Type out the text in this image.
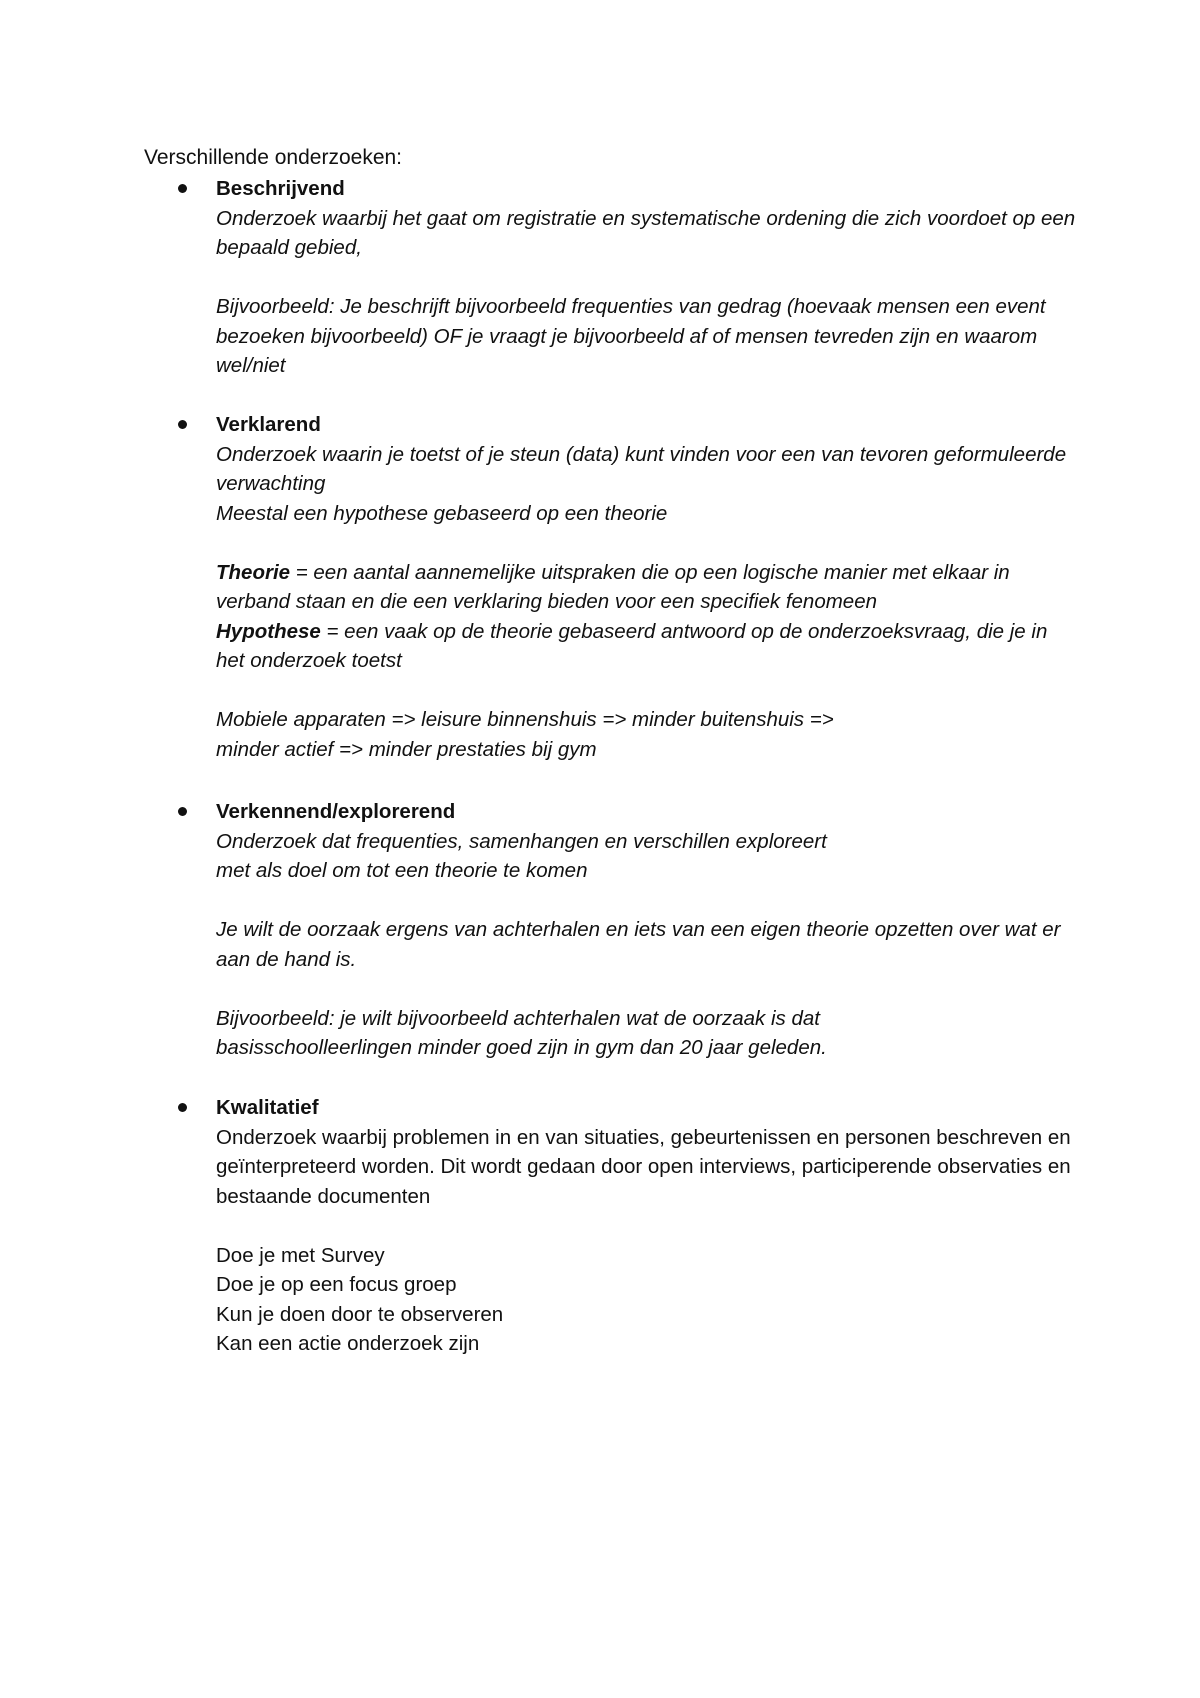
Verschillende onderzoeken:
Beschrijvend
Onderzoek waarbij het gaat om registratie en systematische ordening die zich voordoet op een bepaald gebied,
Bijvoorbeeld: Je beschrijft bijvoorbeeld frequenties van gedrag (hoevaak mensen een event bezoeken bijvoorbeeld) OF je vraagt je bijvoorbeeld af of mensen tevreden zijn en waarom wel/niet
Verklarend
Onderzoek waarin je toetst of je steun (data) kunt vinden voor een van tevoren geformuleerde verwachting
Meestal een hypothese gebaseerd op een theorie
Theorie = een aantal aannemelijke uitspraken die op een logische manier met elkaar in verband staan en die een verklaring bieden voor een specifiek fenomeen
Hypothese = een vaak op de theorie gebaseerd antwoord op de onderzoeksvraag, die je in het onderzoek toetst
Mobiele apparaten => leisure binnenshuis => minder buitenshuis =>
minder actief => minder prestaties bij gym
Verkennend/explorerend
Onderzoek dat frequenties, samenhangen en verschillen exploreert
met als doel om tot een theorie te komen
Je wilt de oorzaak ergens van achterhalen en iets van een eigen theorie opzetten over wat er aan de hand is.
Bijvoorbeeld: je wilt bijvoorbeeld achterhalen wat de oorzaak is dat
basisschoolleerlingen minder goed zijn in gym dan 20 jaar geleden.
Kwalitatief
Onderzoek waarbij problemen in en van situaties, gebeurtenissen en personen beschreven en geïnterpreteerd worden. Dit wordt gedaan door open interviews, participerende observaties en bestaande documenten
Doe je met Survey
Doe je op een focus groep
Kun je doen door te observeren
Kan een actie onderzoek zijn
